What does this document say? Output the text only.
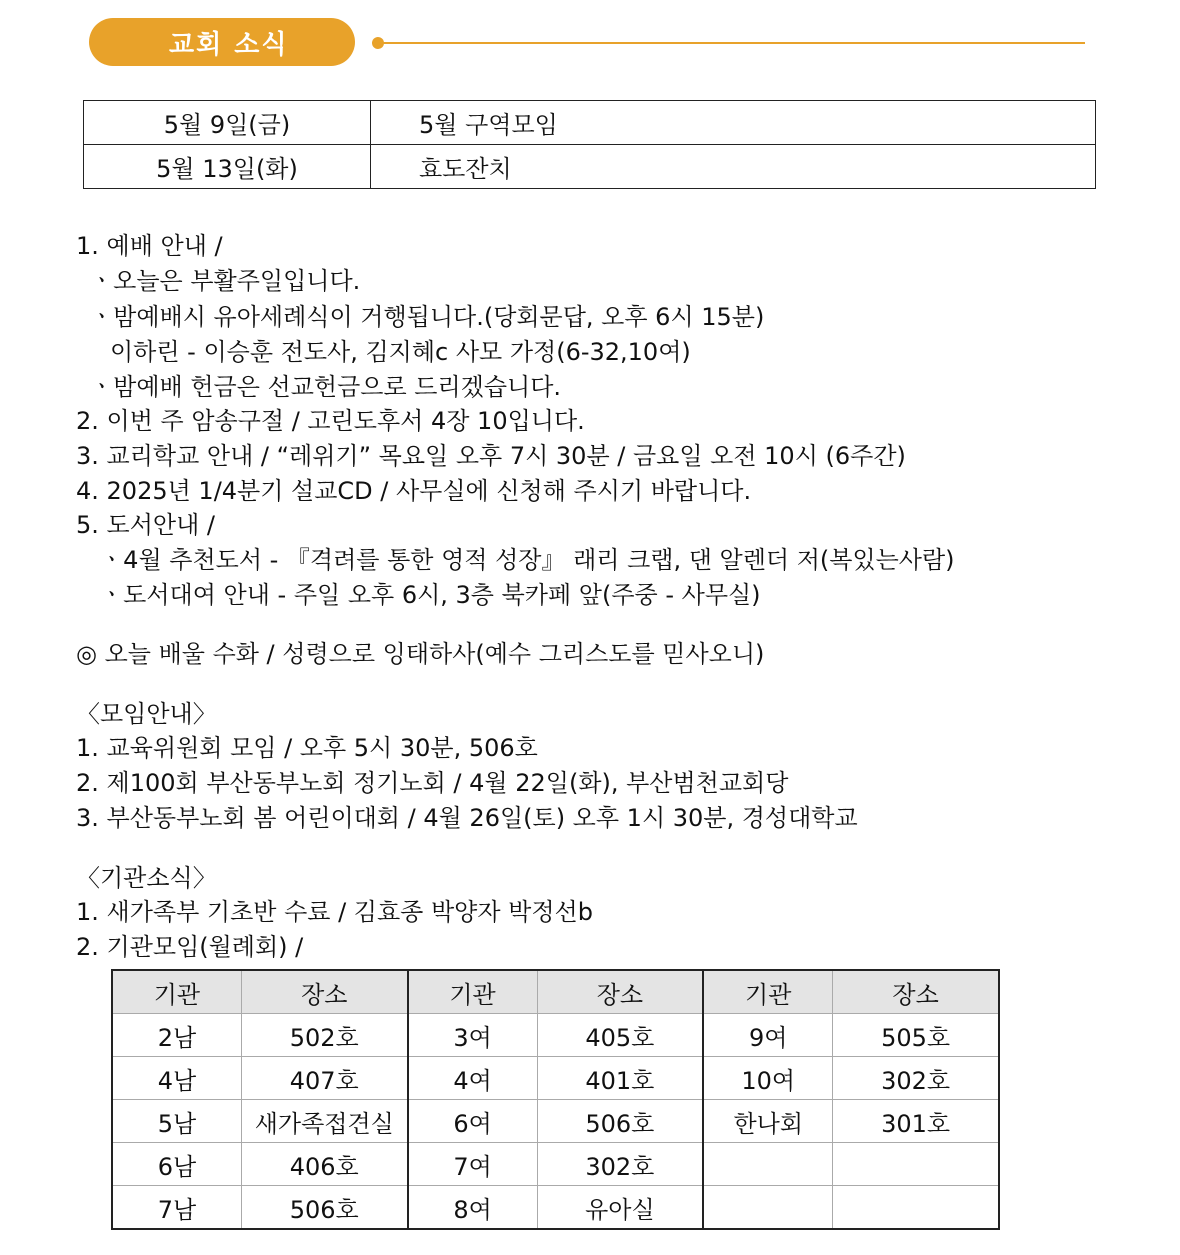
교회 소식
5월 9일(금)	5월 구역모임
5월 13일(화)	효도잔치
1. 예배 안내 /
ㆍ오늘은 부활주일입니다.
ㆍ밤예배시 유아세례식이 거행됩니다.(당회문답, 오후 6시 15분)
이하린 - 이승훈 전도사, 김지혜c 사모 가정(6-32,10여)
ㆍ밤예배 헌금은 선교헌금으로 드리겠습니다.
2. 이번 주 암송구절 / 고린도후서 4장 10입니다.
3. 교리학교 안내 / “레위기” 목요일 오후 7시 30분 / 금요일 오전 10시 (6주간)
4. 2025년 1/4분기 설교CD / 사무실에 신청해 주시기 바랍니다.
5. 도서안내 /
ㆍ4월 추천도서 - 『격려를 통한 영적 성장』 래리 크랩, 댄 알렌더 저(복있는사람)
ㆍ도서대여 안내 - 주일 오후 6시, 3층 북카페 앞(주중 - 사무실)
◎ 오늘 배울 수화 / 성령으로 잉태하사(예수 그리스도를 믿사오니)
〈모임안내〉
1. 교육위원회 모임 / 오후 5시 30분, 506호
2. 제100회 부산동부노회 정기노회 / 4월 22일(화), 부산범천교회당
3. 부산동부노회 봄 어린이대회 / 4월 26일(토) 오후 1시 30분, 경성대학교
〈기관소식〉
1. 새가족부 기초반 수료 / 김효종 박양자 박정선b
2. 기관모임(월례회) /
기관	장소	기관	장소	기관	장소
2남	502호	3여	405호	9여	505호
4남	407호	4여	401호	10여	302호
5남	새가족접견실	6여	506호	한나회	301호
6남	406호	7여	302호		
7남	506호	8여	유아실		
